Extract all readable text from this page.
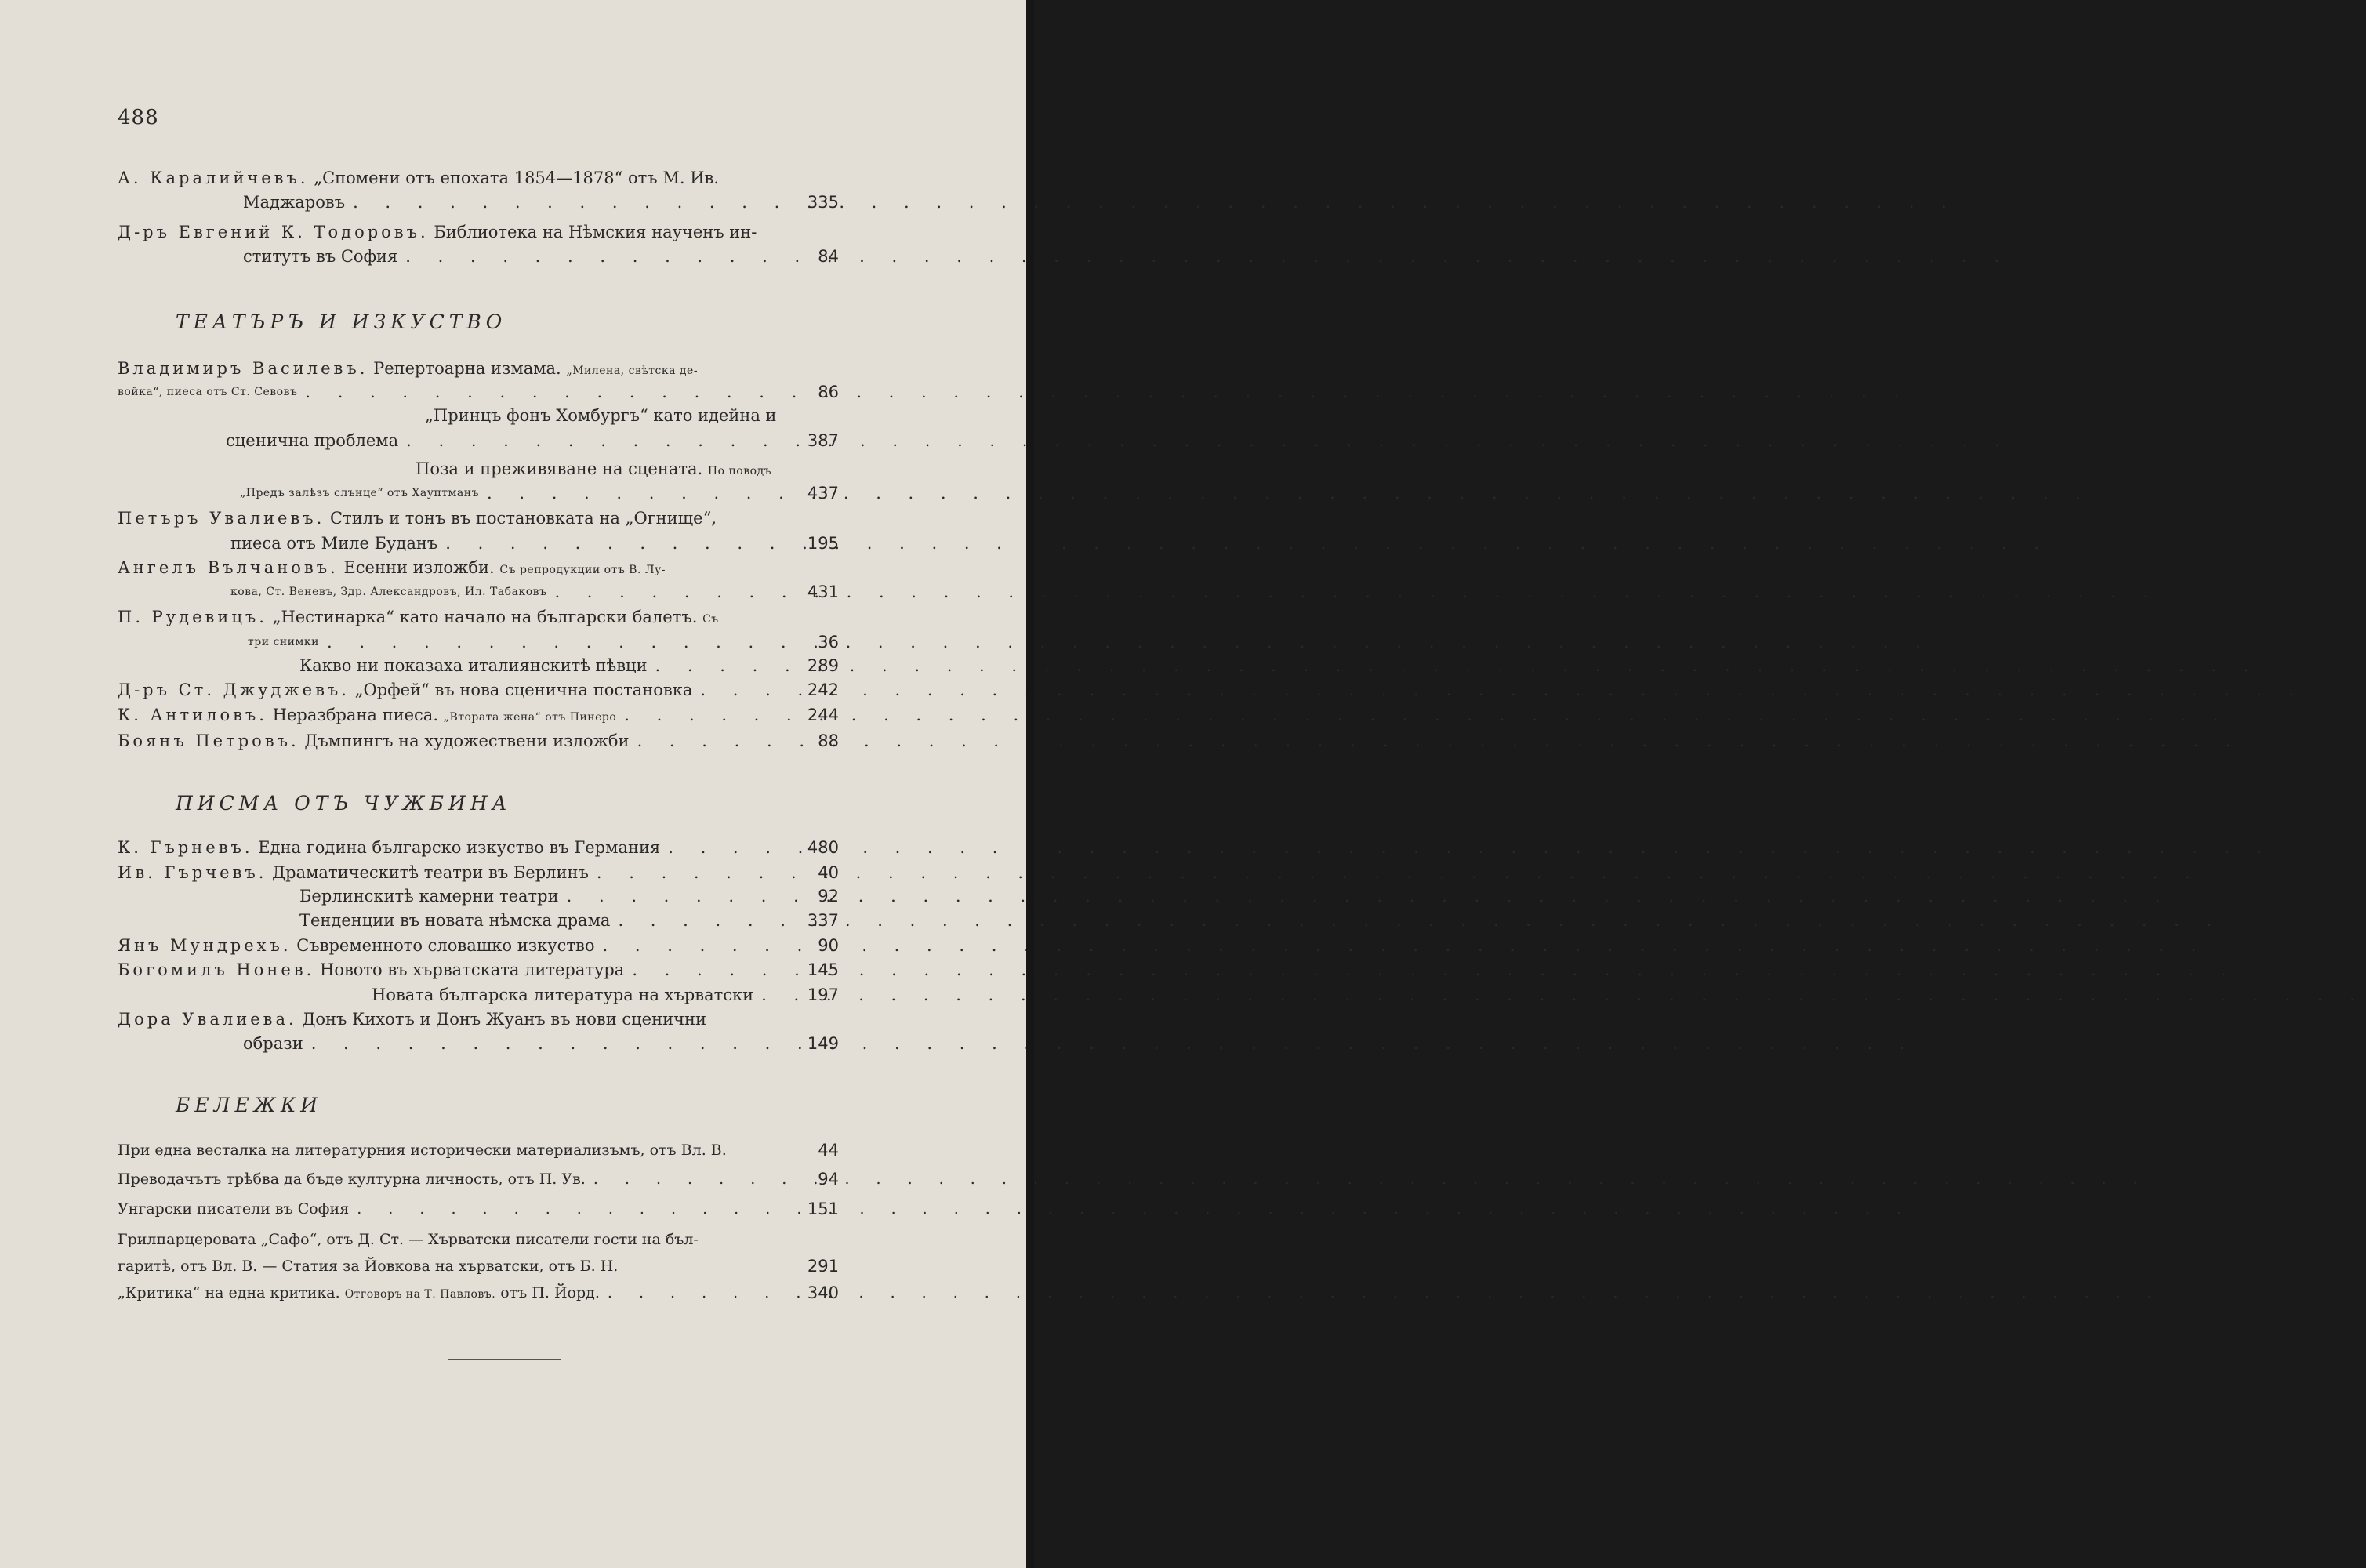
488
А. Каралийчевъ. „Спомени отъ епохата 1854—1878“ отъ М. Ив.
Маджаровъ . . .	335
Д-ръ Евгений К. Тодоровъ. Библиотека на Нѣмския наученъ ин-
ститутъ въ София . . .	84
ТЕАТЪРЪ И ИЗКУСТВО
Владимиръ Василевъ. Репертоарна измама. „Милена, свѣтска де-
войка“, пиеса отъ Ст. Севовъ . . .	86
„Принцъ фонъ Хомбургъ“ като идейна и
сценична проблема . . .	387
Поза и преживяване на сцената. По поводъ
„Предъ залѣзъ слънце“ отъ Хауптманъ . . .	437
Петъръ Увалиевъ. Стилъ и тонъ въ постановката на „Огнище“,
пиеса отъ Миле Буданъ . . .	195
Ангелъ Вълчановъ. Есенни изложби. Съ репродукции отъ В. Лу-
кова, Ст. Веневъ, Здр. Александровъ, Ил. Табаковъ . . .	431
П. Рудевицъ. „Нестинарка“ като начало на български балетъ. Съ
три снимки . . .	36
Какво ни показаха италиянскитѣ пѣвци . . .	289
Д-ръ Ст. Джуджевъ. „Орфей“ въ нова сценична постановка . . .	242
К. Антиловъ. Неразбрана пиеса. „Втората жена“ отъ Пинеро . . .	244
Боянъ Петровъ. Дъмпингъ на художествени изложби . . .	88
ПИСМА ОТЪ ЧУЖБИНА
К. Гърневъ. Една година българско изкуство въ Германия . . .	480
Ив. Гърчевъ. Драматическитѣ театри въ Берлинъ . . .	40
Берлинскитѣ камерни театри . . .	92
Тенденции въ новата нѣмска драма . . .	337
Янъ Мундрехъ. Съвременното словашко изкуство . . .	90
Богомилъ Нонев. Новото въ хърватската литература . . .	145
Новата българска литература на хърватски . . .	197
Дора Увалиева. Донъ Кихотъ и Донъ Жуанъ въ нови сценични
образи . . .	149
БЕЛЕЖКИ
При една весталка на литературния исторически материализъмъ, отъ Вл. В.	44
Преводачътъ трѣбва да бъде културна личность, отъ П. Ув. . . .	94
Унгарски писатели въ София . . .	151
Грилпарцеровата „Сафо“, отъ Д. Ст. — Хърватски писатели гости на бъл-
гаритѣ, отъ Вл. В. — Статия за Йовкова на хърватски, отъ Б. Н.	291
„Критика“ на една критика. Отговоръ на Т. Павловъ. отъ П. Йорд. . . .	340
